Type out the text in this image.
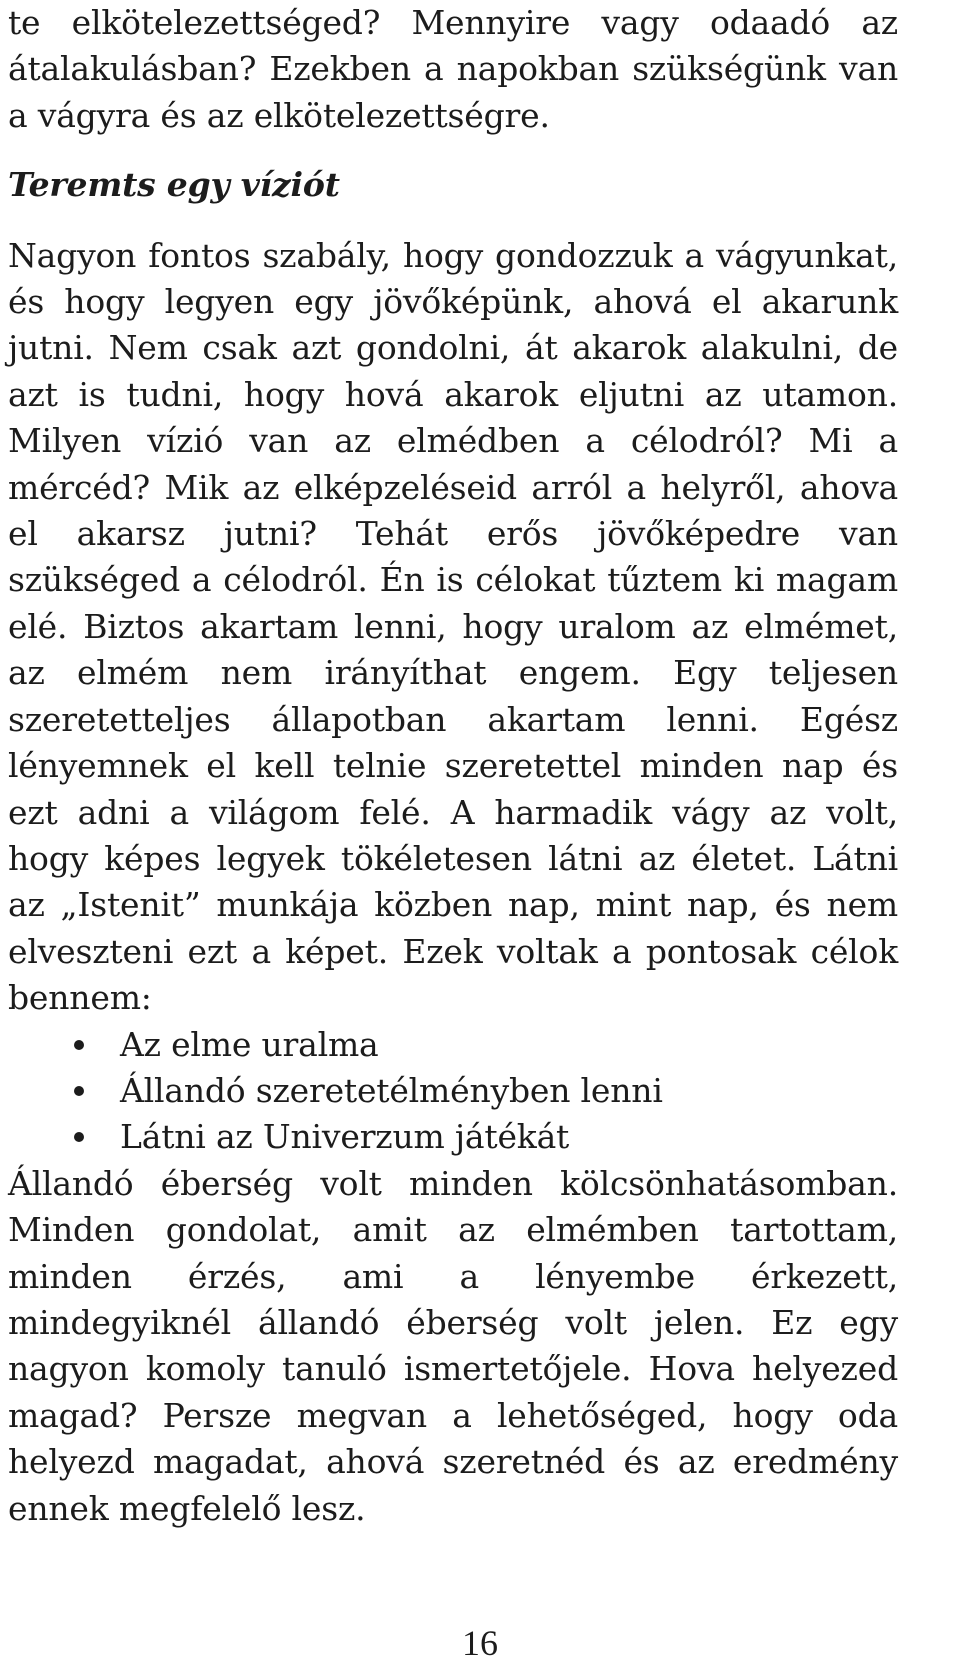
te elkötelezettséged? Mennyire vagy odaadó az átalakulásban? Ezekben a napokban szükségünk van a vágyra és az elkötelezettségre.

Teremts egy víziót

Nagyon fontos szabály, hogy gondozzuk a vágyunkat, és hogy legyen egy jövőképünk, ahová el akarunk jutni. Nem csak azt gondolni, át akarok alakulni, de azt is tudni, hogy hová akarok eljutni az utamon. Milyen vízió van az elmédben a célodról? Mi a mércéd? Mik az elképzeléseid arról a helyről, ahova el akarsz jutni? Tehát erős jövőképedre van szükséged a célodról. Én is célokat tűztem ki magam elé. Biztos akartam lenni, hogy uralom az elmémet, az elmém nem irányíthat engem. Egy teljesen szeretetteljes állapotban akartam lenni. Egész lényemnek el kell telnie szeretettel minden nap és ezt adni a világom felé. A harmadik vágy az volt, hogy képes legyek tökéletesen látni az életet. Látni az „Istenit” munkája közben nap, mint nap, és nem elveszteni ezt a képet. Ezek voltak a pontosak célok bennem:

Az elme uralma
Állandó szeretetélményben lenni
Látni az Univerzum játékát

Állandó éberség volt minden kölcsönhatásomban. Minden gondolat, amit az elmémben tartottam, minden érzés, ami a lényembe érkezett, mindegyiknél állandó éberség volt jelen. Ez egy nagyon komoly tanuló ismertetőjele. Hova helyezed magad? Persze megvan a lehetőséged, hogy oda helyezd magadat, ahová szeretnéd és az eredmény ennek megfelelő lesz.

16
